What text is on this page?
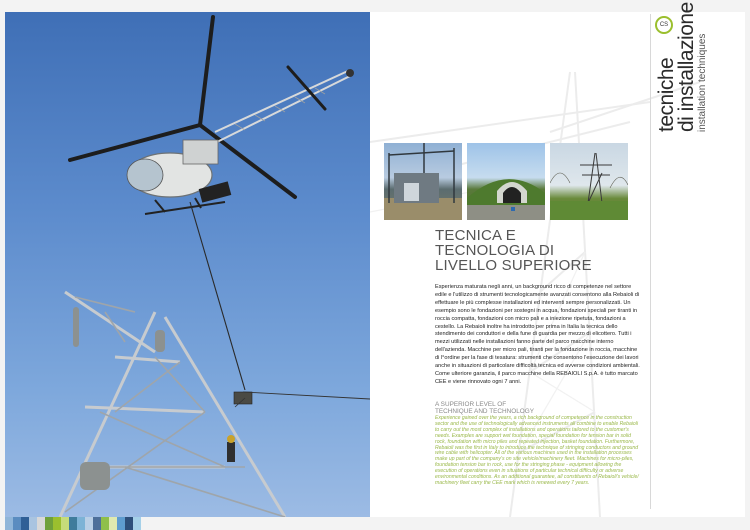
CS
tecniche
di installazione installation techniques
TECNICA E
TECNOLOGIA DI
LIVELLO SUPERIORE
Esperienza maturata negli anni, un background ricco di competenze nel settore edile e l'utilizzo di strumenti tecnologicamente avanzati consentono alla Rebaioli di effettuare le più complesse installazioni ed interventi sempre personalizzati. Un esempio sono le fondazioni per sostegni in acqua, fondazioni speciali per tiranti in roccia compatta, fondazioni con micro pali e a iniezione ripetuta, fondazioni a cestello. La Rebaioli inoltre ha introdotto per prima in Italia la tecnica dello stendimento dei conduttori e della fune di guardia per mezzo di elicottero. Tutti i mezzi utilizzati nelle installazioni fanno parte del parco macchine interno dell'azienda. Macchine per micro pali, tiranti per la fondazione in roccia, macchine di l°ordine per la fase di tesatura: strumenti che consentono l'esecuzione dei lavori anche in situazioni di particolare difficoltà tecnica ed avverse condizioni ambientali. Come ulteriore garanzia, il parco macchine della REBAIOLI S.p.A. è tutto marcato CEE e viene rinnovato ogni 7 anni.
A SUPERIOR LEVEL OF
TECHNIQUE AND TECHNOLOGY
Experience gained over the years, a rich background of competence in the construction sector and the use of technologically advanced instruments all combine to enable Rebaioli to carry out the most complex of installations and operations tailored to the customer's needs. Examples are support wet foundation, special foundation for tension bar in solid rock, foundation with micro piles and repeated injection, basket foundation. Furthermore, Rebaioli was the first in Italy to introduce the technique of stringing conductors and ground wire cable with helicopter. All of the various machines used in the installation processes make up part of the company's on site vehicle/machinery fleet. Machines for micro-piles, foundation tension bar in rock, use for the stringing phase - equipment allowing the execution of operations even in situations of particular technical difficulty or adverse environmental conditions. As an additional guarantee, all constituents of Rebaioli's vehicle/ machinery fleet carry the CEE mark which is renewed every 7 years.
